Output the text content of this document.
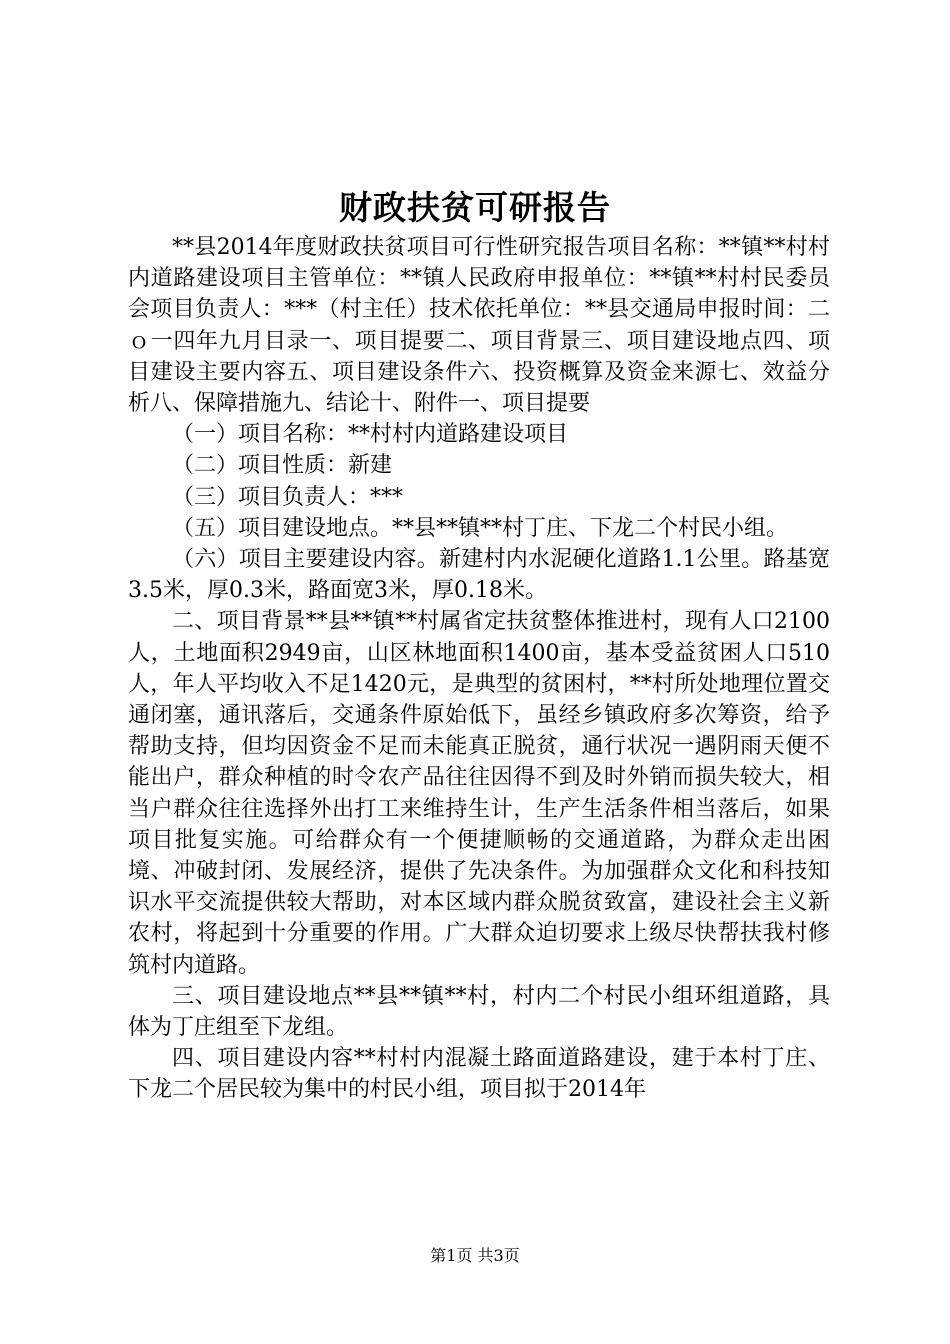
财政扶贫可研报告

**县2014年度财政扶贫项目可行性研究报告项目名称：**镇**村村内道路建设项目主管单位：**镇人民政府申报单位：**镇**村村民委员会项目负责人：***（村主任）技术依托单位：**县交通局申报时间：二ｏ一四年九月目录一、项目提要二、项目背景三、项目建设地点四、项目建设主要内容五、项目建设条件六、投资概算及资金来源七、效益分析八、保障措施九、结论十、附件一、项目提要

（一）项目名称：**村村内道路建设项目

（二）项目性质：新建

（三）项目负责人：***

（五）项目建设地点。**县**镇**村丁庄、下龙二个村民小组。

（六）项目主要建设内容。新建村内水泥硬化道路1.1公里。路基宽3.5米，厚0.3米，路面宽3米，厚0.18米。

二、项目背景**县**镇**村属省定扶贫整体推进村，现有人口2100人，土地面积2949亩，山区林地面积1400亩，基本受益贫困人口510人，年人平均收入不足1420元，是典型的贫困村，**村所处地理位置交通闭塞，通讯落后，交通条件原始低下，虽经乡镇政府多次筹资，给予帮助支持，但均因资金不足而未能真正脱贫，通行状况一遇阴雨天便不能出户，群众种植的时令农产品往往因得不到及时外销而损失较大，相当户群众往往选择外出打工来维持生计，生产生活条件相当落后，如果项目批复实施。可给群众有一个便捷顺畅的交通道路，为群众走出困境、冲破封闭、发展经济，提供了先决条件。为加强群众文化和科技知识水平交流提供较大帮助，对本区域内群众脱贫致富，建设社会主义新农村，将起到十分重要的作用。广大群众迫切要求上级尽快帮扶我村修筑村内道路。

三、项目建设地点**县**镇**村，村内二个村民小组环组道路，具体为丁庄组至下龙组。

四、项目建设内容**村村内混凝土路面道路建设，建于本村丁庄、下龙二个居民较为集中的村民小组，项目拟于2014年

第1页 共3页
